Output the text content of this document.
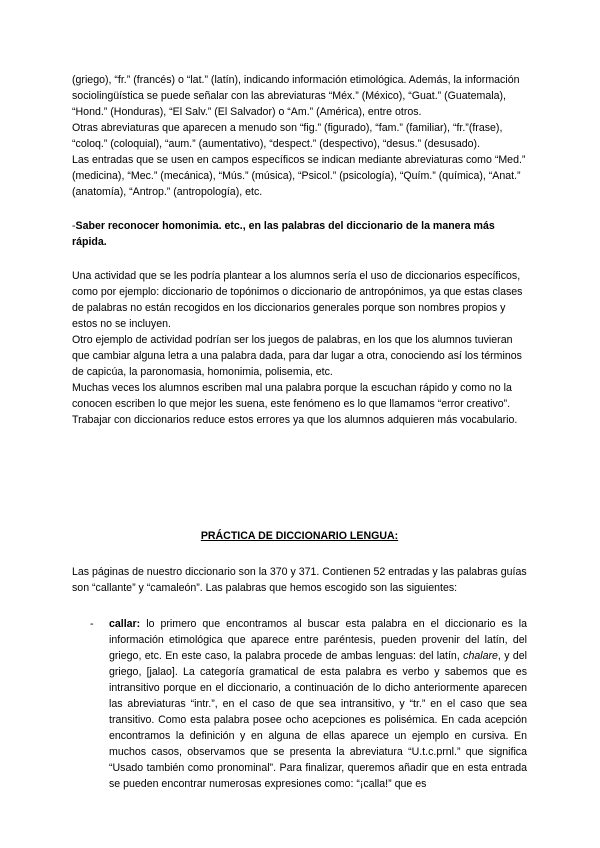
(griego), “fr.” (francés) o “lat.” (latín), indicando información etimológica. Además, la información sociolingüística se puede señalar con las abreviaturas “Méx.” (México), “Guat.” (Guatemala), “Hond.” (Honduras), “El Salv.” (El Salvador) o “Am.” (América), entre otros.

Otras abreviaturas que aparecen a menudo son “fig.” (figurado), “fam.” (familiar), “fr.”(frase), “coloq.” (coloquial), “aum.” (aumentativo), “despect.” (despectivo), “desus.” (desusado).

Las entradas que se usen en campos específicos se indican mediante abreviaturas como “Med.” (medicina), “Mec.” (mecánica), “Mús.” (música), “Psicol.” (psicología), “Quím.” (química), “Anat.” (anatomía), “Antrop.” (antropología), etc.

-Saber reconocer homonimia. etc., en las palabras del diccionario de la manera más rápida.

Una actividad que se les podría plantear a los alumnos sería el uso de diccionarios específicos, como por ejemplo: diccionario de topónimos o diccionario de antropónimos, ya que estas clases de palabras no están recogidos en los diccionarios generales porque son nombres propios y estos no se incluyen.

Otro ejemplo de actividad podrían ser los juegos de palabras, en los que los alumnos tuvieran que cambiar alguna letra a una palabra dada, para dar lugar a otra, conociendo así los términos de capicúa, la paronomasia, homonimia, polisemia, etc.

Muchas veces los alumnos escriben mal una palabra porque la escuchan rápido y como no la conocen escriben lo que mejor les suena, este fenómeno es lo que llamamos “error creativo”. Trabajar con diccionarios reduce estos errores ya que los alumnos adquieren más vocabulario.

PRÁCTICA DE DICCIONARIO LENGUA:

Las páginas de nuestro diccionario son la 370 y 371. Contienen 52 entradas y las palabras guías son “callante” y “camaleón”. Las palabras que hemos escogido son las siguientes:

- callar: lo primero que encontramos al buscar esta palabra en el diccionario es la información etimológica que aparece entre paréntesis, pueden provenir del latín, del griego, etc. En este caso, la palabra procede de ambas lenguas: del latín, chalare, y del griego, [jalao]. La categoría gramatical de esta palabra es verbo y sabemos que es intransitivo porque en el diccionario, a continuación de lo dicho anteriormente aparecen las abreviaturas “intr.”, en el caso de que sea intransitivo, y “tr.” en el caso que sea transitivo. Como esta palabra posee ocho acepciones es polisémica. En cada acepción encontramos la definición y en alguna de ellas aparece un ejemplo en cursiva. En muchos casos, observamos que se presenta la abreviatura “U.t.c.prnl.” que significa “Usado también como pronominal”. Para finalizar, queremos añadir que en esta entrada se pueden encontrar numerosas expresiones como: “¡calla!” que es
